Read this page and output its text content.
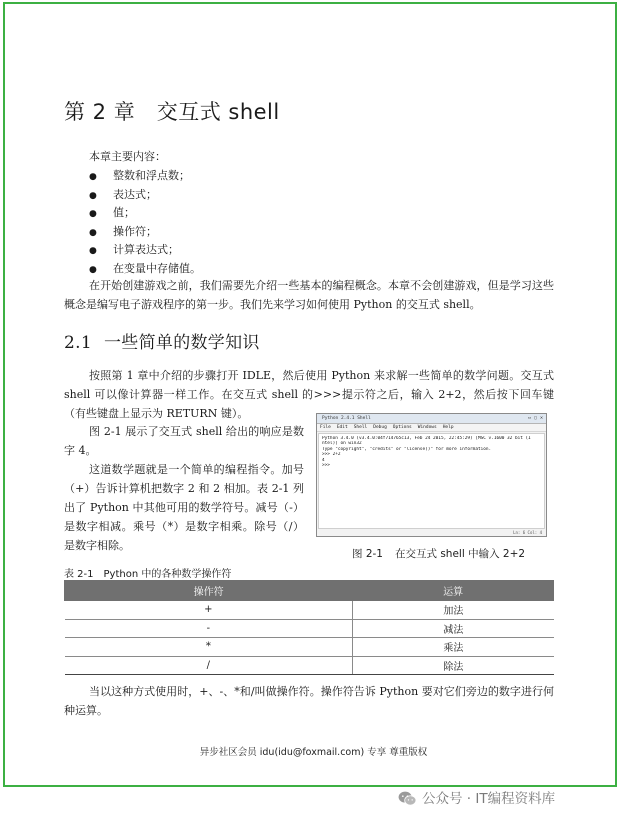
第 2 章　交互式 shell
本章主要内容：
● 整数和浮点数；
● 表达式；
● 值；
● 操作符；
● 计算表达式；
● 在变量中存储值。
在开始创建游戏之前，我们需要先介绍一些基本的编程概念。本章不会创建游戏，但是学习这些概念是编写电子游戏程序的第一步。我们先来学习如何使用 Python 的交互式 shell。
2.1 一些简单的数学知识
按照第 1 章中介绍的步骤打开 IDLE，然后使用 Python 来求解一些简单的数学问题。交互式 shell 可以像计算器一样工作。在交互式 shell 的>>>提示符之后，输入 2+2，然后按下回车键（有些键盘上显示为 RETURN 键）。
图 2-1 展示了交互式 shell 给出的响应是数字 4。
这道数学题就是一个简单的编程指令。加号（+）告诉计算机把数字 2 和 2 相加。表 2-1 列出了 Python 中其他可用的数学符号。减号（-）是数字相减。乘号（*）是数字相乘。除号（/）是数字相除。
Python 2.4.1 Shell	▭ ▢ ✕
File Edit Shell Debug Options Windows Help
Python 3.4.0 (v3.4.0:04f714765c13, Feb 24 2015, 22:45:29) [MSC v.1600 32 bit (I
ntel)] on win32
Type "copyright", "credits" or "license()" for more information.
>>> 2+2
4
>>>
Ln: 6 Col: 4
图 2-1 在交互式 shell 中输入 2+2
表 2-1 Python 中的各种数学操作符
操作符	运算
+	加法
-	减法
*	乘法
/	除法
当以这种方式使用时，+、-、*和/叫做操作符。操作符告诉 Python 要对它们旁边的数字进行何种运算。
异步社区会员 idu(idu@foxmail.com) 专享 尊重版权
公众号 · IT编程资料库
